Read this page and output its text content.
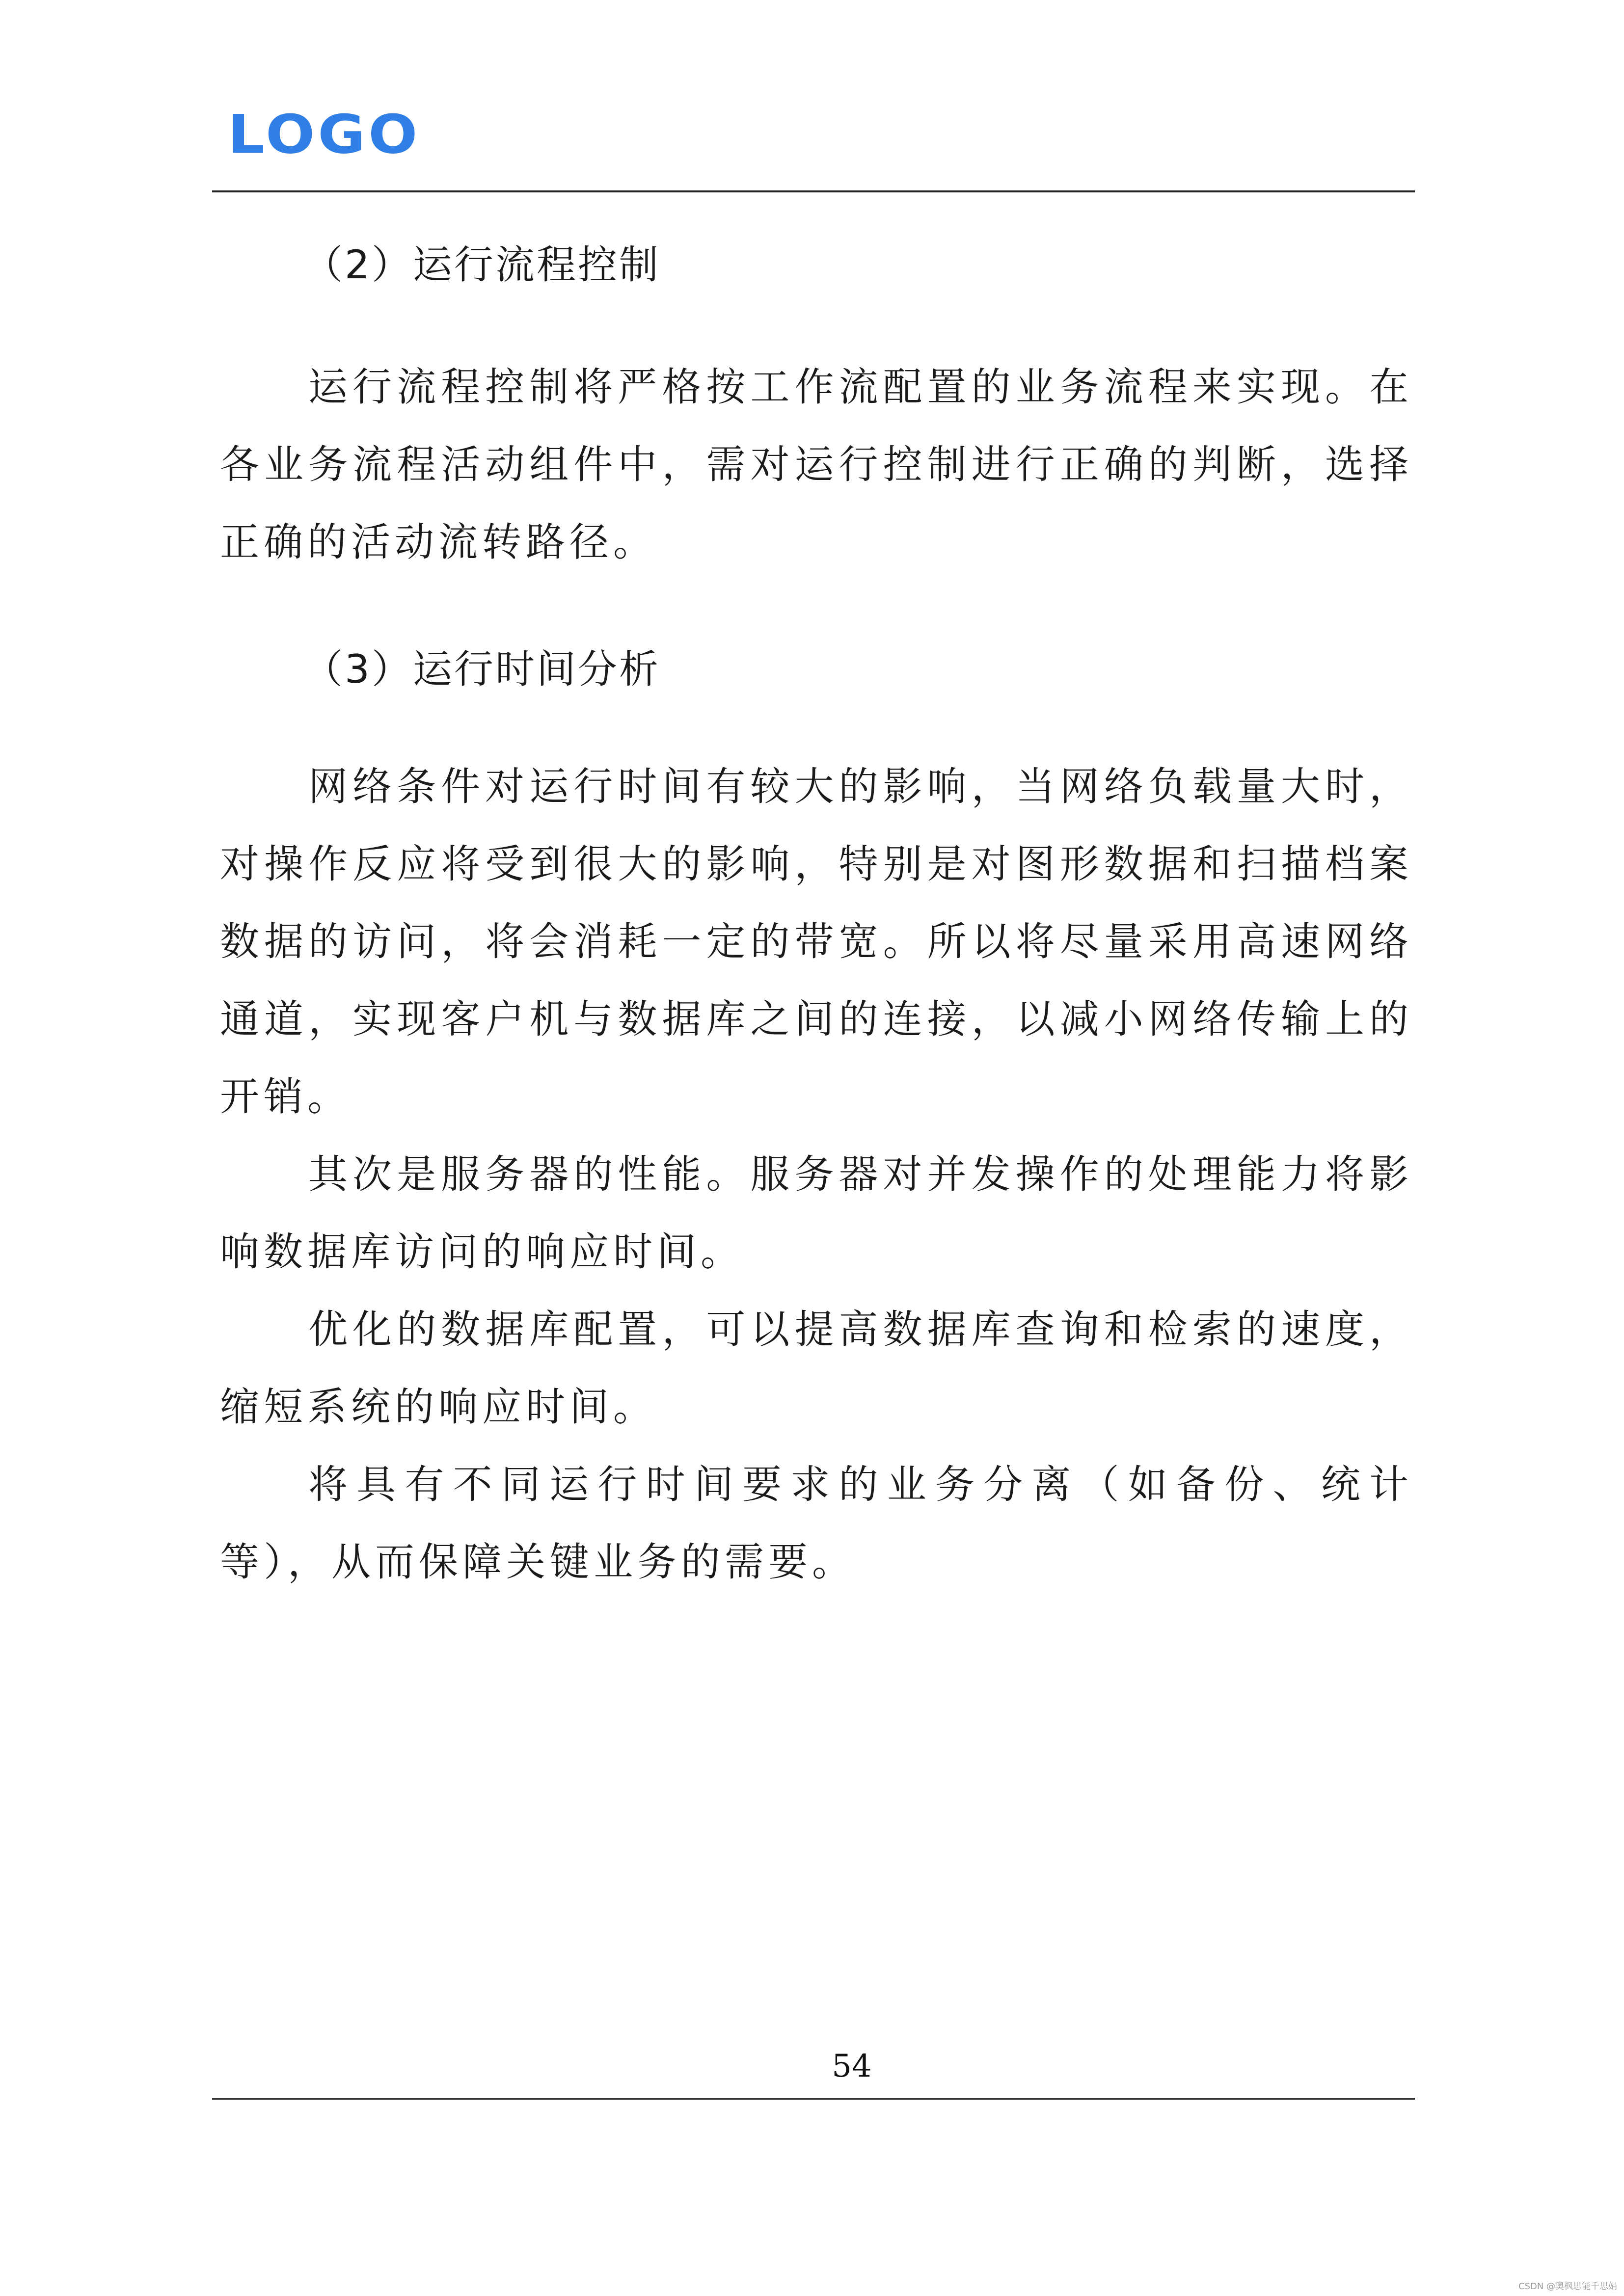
LOGO
（2）运行流程控制

运行流程控制将严格按工作流配置的业务流程来实现。在各业务流程活动组件中，需对运行控制进行正确的判断，选择正确的活动流转路径。

（3）运行时间分析

网络条件对运行时间有较大的影响，当网络负载量大时，对操作反应将受到很大的影响，特别是对图形数据和扫描档案数据的访问，将会消耗一定的带宽。所以将尽量采用高速网络通道，实现客户机与数据库之间的连接，以减小网络传输上的开销。

其次是服务器的性能。服务器对并发操作的处理能力将影响数据库访问的响应时间。

优化的数据库配置，可以提高数据库查询和检索的速度，缩短系统的响应时间。

将具有不同运行时间要求的业务分离（如备份、统计等），从而保障关键业务的需要。

54
CSDN @奥枫思能千思娟
